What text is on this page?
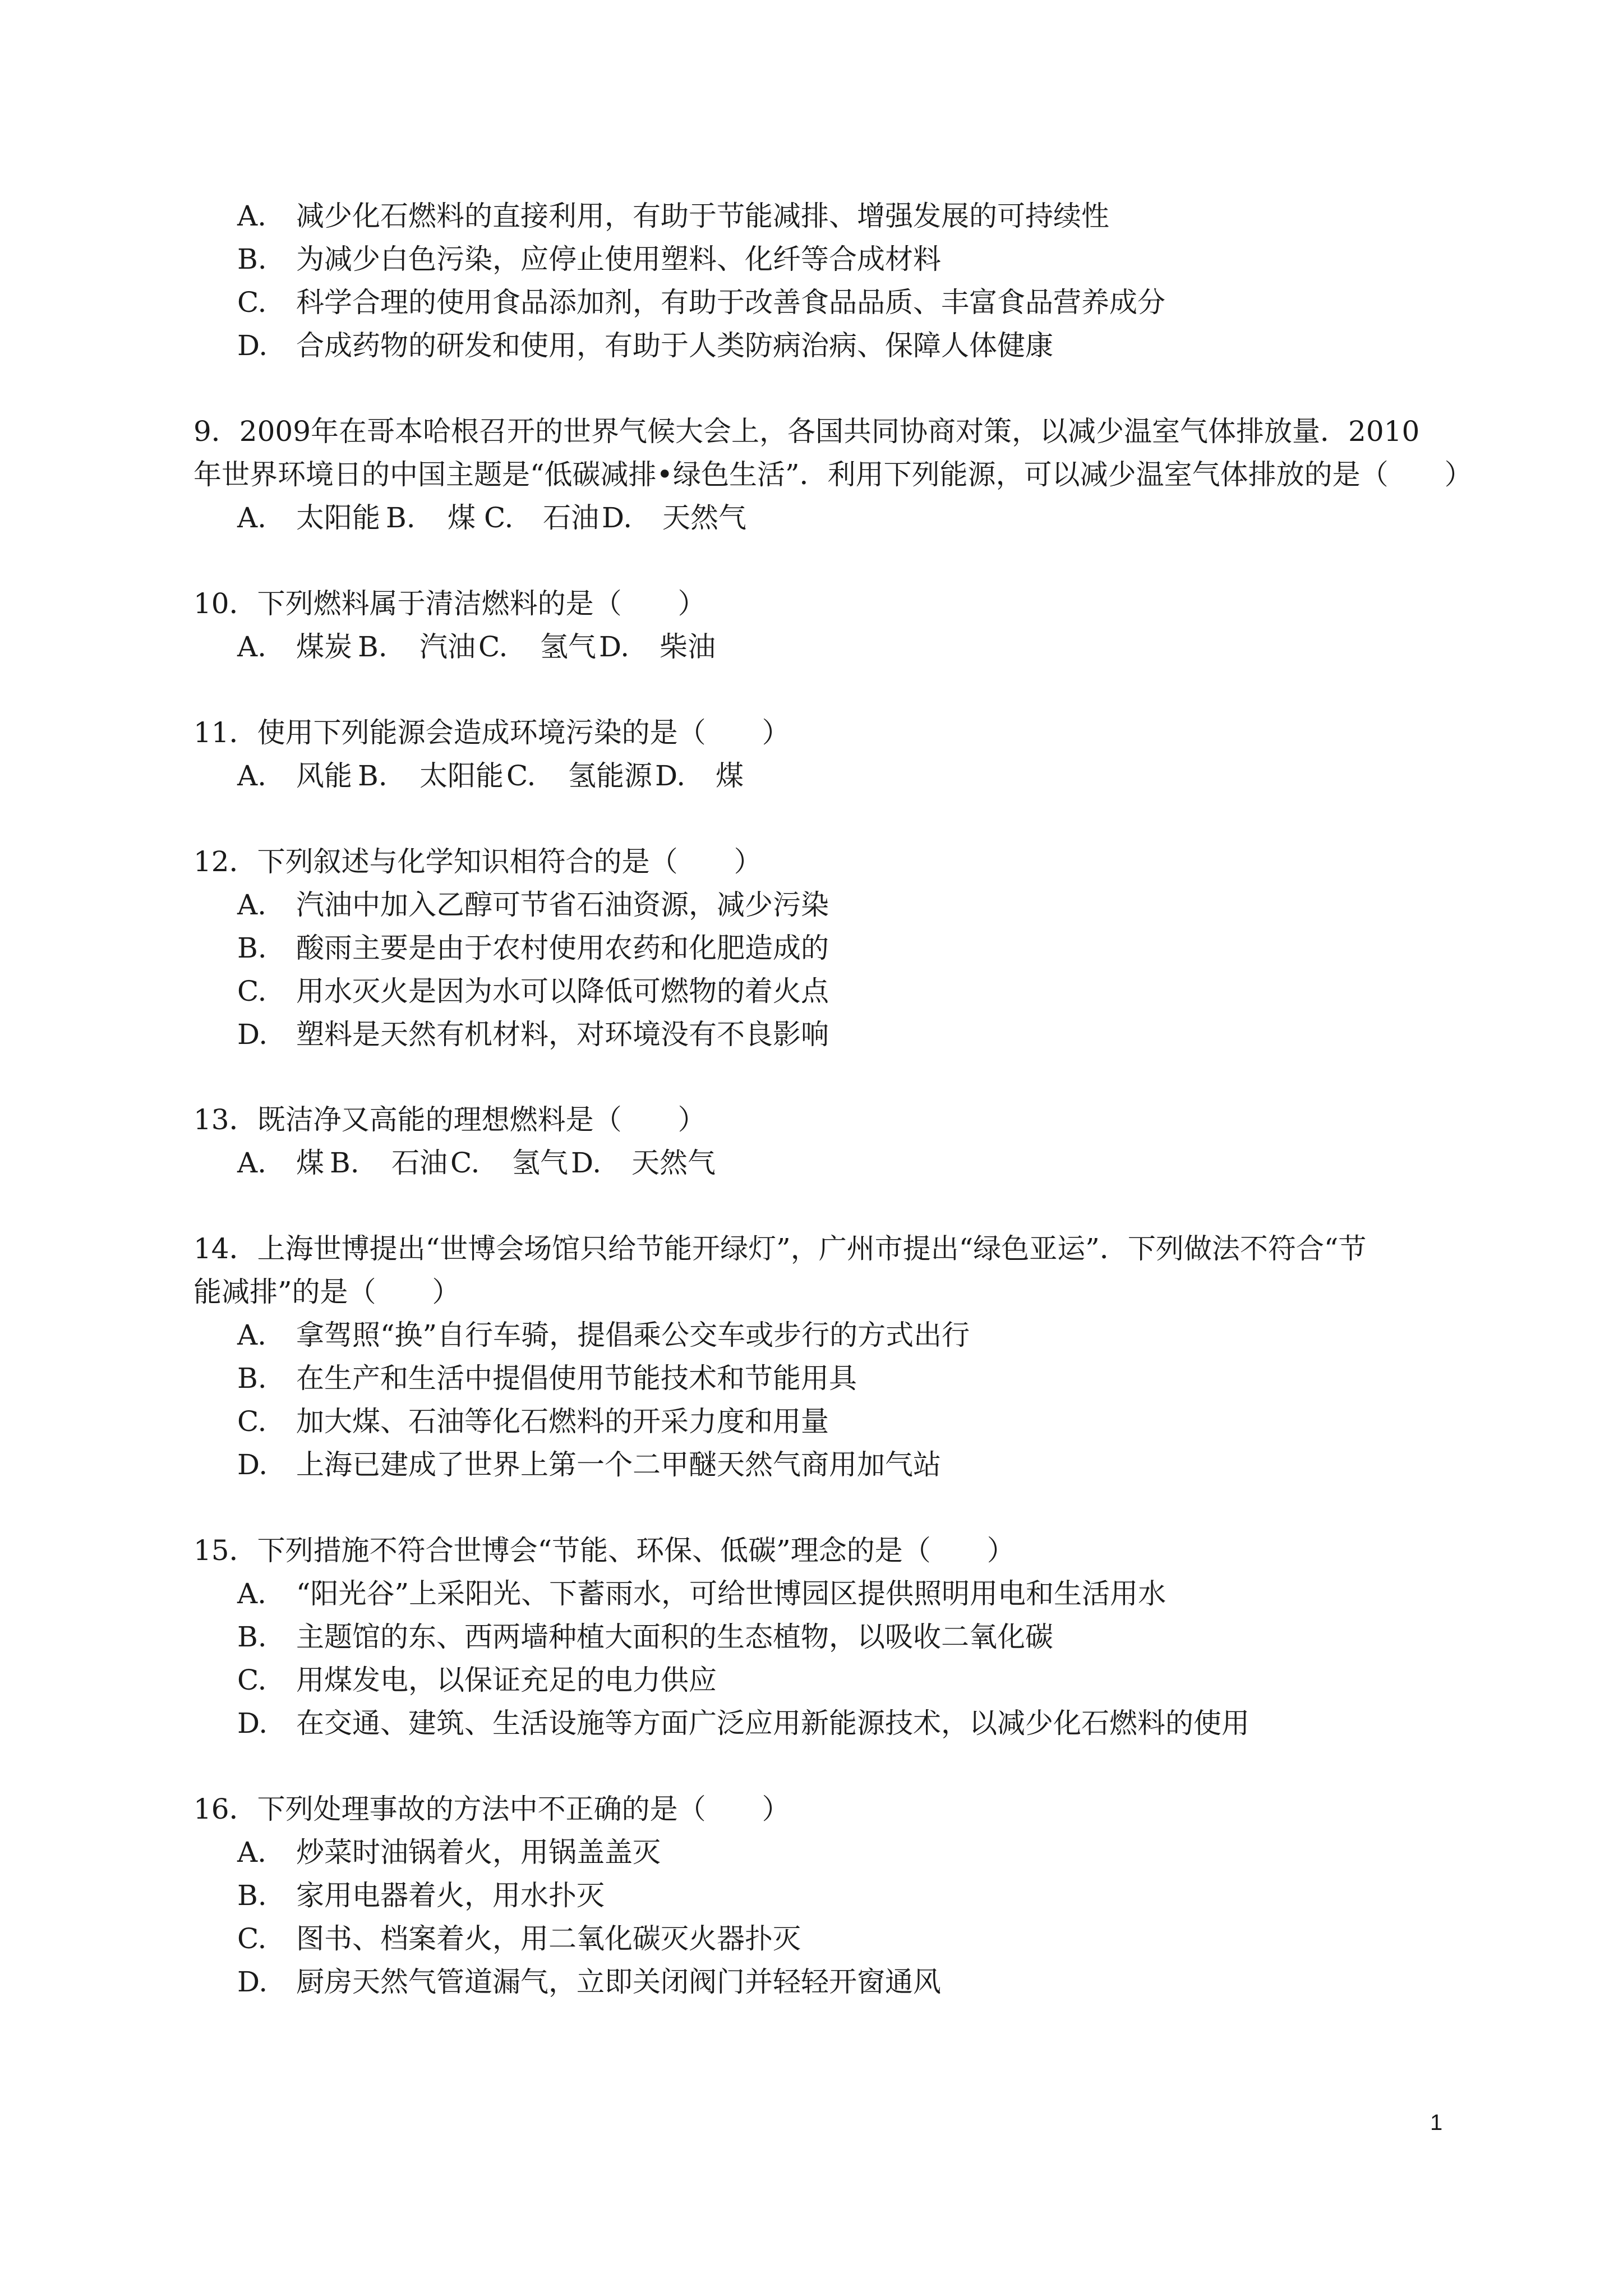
A. 减少化石燃料的直接利用，有助于节能减排、增强发展的可持续性
B. 为减少白色污染，应停止使用塑料、化纤等合成材料
C. 科学合理的使用食品添加剂，有助于改善食品品质、丰富食品营养成分
D. 合成药物的研发和使用，有助于人类防病治病、保障人体健康
9．2009年在哥本哈根召开的世界气候大会上，各国共同协商对策，以减少温室气体排放量．2010
年世界环境日的中国主题是“低碳减排•绿色生活”．利用下列能源，可以减少温室气体排放的是（　　）
A. 太阳能 B. 煤 C. 石油 D. 天然气
10．下列燃料属于清洁燃料的是（　　）
A. 煤炭 B. 汽油 C. 氢气 D. 柴油
11．使用下列能源会造成环境污染的是（　　）
A. 风能 B. 太阳能 C. 氢能源 D. 煤
12．下列叙述与化学知识相符合的是（　　）
A. 汽油中加入乙醇可节省石油资源，减少污染
B. 酸雨主要是由于农村使用农药和化肥造成的
C. 用水灭火是因为水可以降低可燃物的着火点
D. 塑料是天然有机材料，对环境没有不良影响
13．既洁净又高能的理想燃料是（　　）
A. 煤 B. 石油 C. 氢气 D. 天然气
14．上海世博提出“世博会场馆只给节能开绿灯”，广州市提出“绿色亚运”．下列做法不符合“节
能减排”的是（　　）
A. 拿驾照“换”自行车骑，提倡乘公交车或步行的方式出行
B. 在生产和生活中提倡使用节能技术和节能用具
C. 加大煤、石油等化石燃料的开采力度和用量
D. 上海已建成了世界上第一个二甲醚天然气商用加气站
15．下列措施不符合世博会“节能、环保、低碳”理念的是（　　）
A. “阳光谷”上采阳光、下蓄雨水，可给世博园区提供照明用电和生活用水
B. 主题馆的东、西两墙种植大面积的生态植物，以吸收二氧化碳
C. 用煤发电，以保证充足的电力供应
D. 在交通、建筑、生活设施等方面广泛应用新能源技术，以减少化石燃料的使用
16．下列处理事故的方法中不正确的是（　　）
A. 炒菜时油锅着火，用锅盖盖灭
B. 家用电器着火，用水扑灭
C. 图书、档案着火，用二氧化碳灭火器扑灭
D. 厨房天然气管道漏气，立即关闭阀门并轻轻开窗通风
1
